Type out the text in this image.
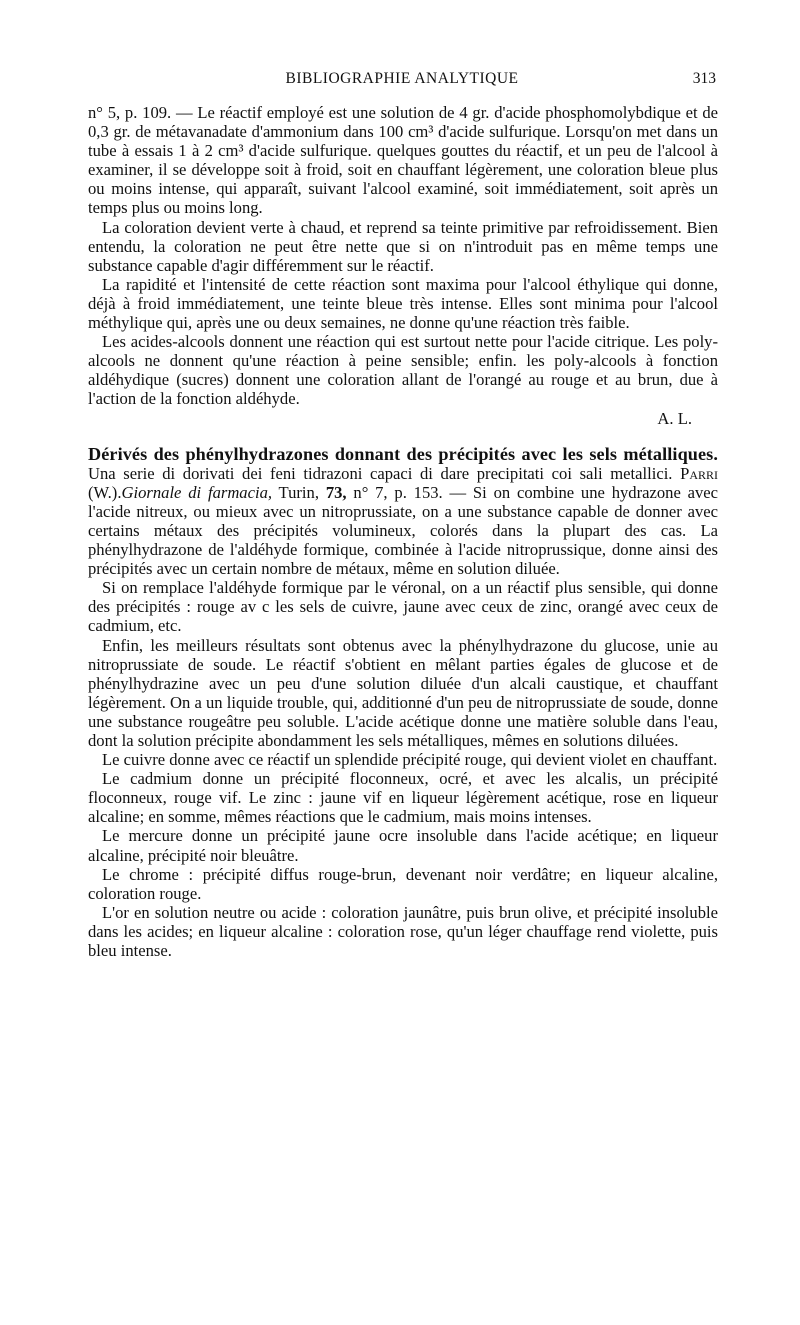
BIBLIOGRAPHIE ANALYTIQUE	313

n° 5, p. 109. — Le réactif employé est une solution de 4 gr. d'acide phosphomolybdique et de 0,3 gr. de métavanadate d'ammonium dans 100 cm³ d'acide sulfurique. Lorsqu'on met dans un tube à essais 1 à 2 cm³ d'acide sulfurique. quelques gouttes du réactif, et un peu de l'alcool à examiner, il se développe soit à froid, soit en chauffant légèrement, une coloration bleue plus ou moins intense, qui apparaît, suivant l'alcool examiné, soit immédiatement, soit après un temps plus ou moins long.

La coloration devient verte à chaud, et reprend sa teinte primitive par refroidissement. Bien entendu, la coloration ne peut être nette que si on n'introduit pas en même temps une substance capable d'agir différemment sur le réactif.

La rapidité et l'intensité de cette réaction sont maxima pour l'alcool éthylique qui donne, déjà à froid immédiatement, une teinte bleue très intense. Elles sont minima pour l'alcool méthylique qui, après une ou deux semaines, ne donne qu'une réaction très faible.

Les acides-alcools donnent une réaction qui est surtout nette pour l'acide citrique. Les poly-alcools ne donnent qu'une réaction à peine sensible; enfin. les poly-alcools à fonction aldéhydique (sucres) donnent une coloration allant de l'orangé au rouge et au brun, due à l'action de la fonction aldéhyde.

A. L.

Dérivés des phénylhydrazones donnant des précipités avec les sels métalliques. Una serie di dorivati dei feni tidrazoni capaci di dare precipitati coi sali metallici. Parri (W.).Giornale di farmacia, Turin, 73, n° 7, p. 153. — Si on combine une hydrazone avec l'acide nitreux, ou mieux avec un nitroprussiate, on a une substance capable de donner avec certains métaux des précipités volumineux, colorés dans la plupart des cas. La phénylhydrazone de l'aldéhyde formique, combinée à l'acide nitroprussique, donne ainsi des précipités avec un certain nombre de métaux, même en solution diluée.

Si on remplace l'aldéhyde formique par le véronal, on a un réactif plus sensible, qui donne des précipités : rouge av c les sels de cuivre, jaune avec ceux de zinc, orangé avec ceux de cadmium, etc.

Enfin, les meilleurs résultats sont obtenus avec la phénylhydrazone du glucose, unie au nitroprussiate de soude. Le réactif s'obtient en mêlant parties égales de glucose et de phénylhydrazine avec un peu d'une solution diluée d'un alcali caustique, et chauffant légèrement. On a un liquide trouble, qui, additionné d'un peu de nitroprussiate de soude, donne une substance rougeâtre peu soluble. L'acide acétique donne une matière soluble dans l'eau, dont la solution précipite abondamment les sels métalliques, mêmes en solutions diluées.

Le cuivre donne avec ce réactif un splendide précipité rouge, qui devient violet en chauffant.

Le cadmium donne un précipité floconneux, ocré, et avec les alcalis, un précipité floconneux, rouge vif. Le zinc : jaune vif en liqueur légèrement acétique, rose en liqueur alcaline; en somme, mêmes réactions que le cadmium, mais moins intenses.

Le mercure donne un précipité jaune ocre insoluble dans l'acide acétique; en liqueur alcaline, précipité noir bleuâtre.

Le chrome : précipité diffus rouge-brun, devenant noir verdâtre; en liqueur alcaline, coloration rouge.

L'or en solution neutre ou acide : coloration jaunâtre, puis brun olive, et précipité insoluble dans les acides; en liqueur alcaline : coloration rose, qu'un léger chauffage rend violette, puis bleu intense.
